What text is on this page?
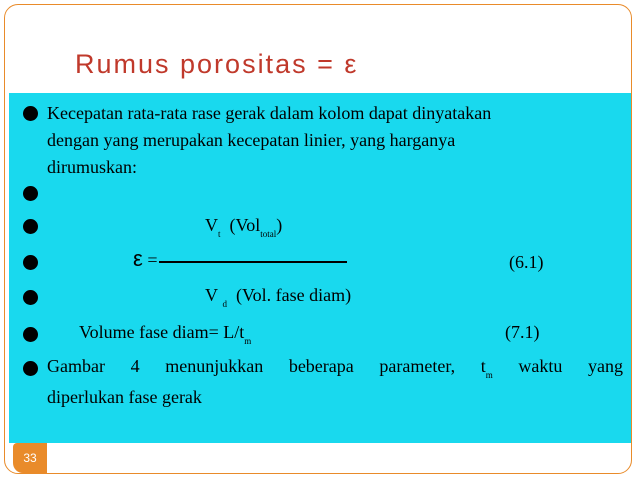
Rumus porositas = ε
Kecepatan rata-rata rase gerak dalam kolom dapat dinyatakan
dengan yang merupakan kecepatan linier, yang harganya
dirumuskan:
$V_t$ (Vol$_{total}$)
ε =	(6.1)
V $_d$ (Vol. fase diam)
Volume fase diam= $L/t_m$	(7.1)
Gambar 4 menunjukkan beberapa parameter, $t_m$ waktu yang
diperlukan fase gerak
33
